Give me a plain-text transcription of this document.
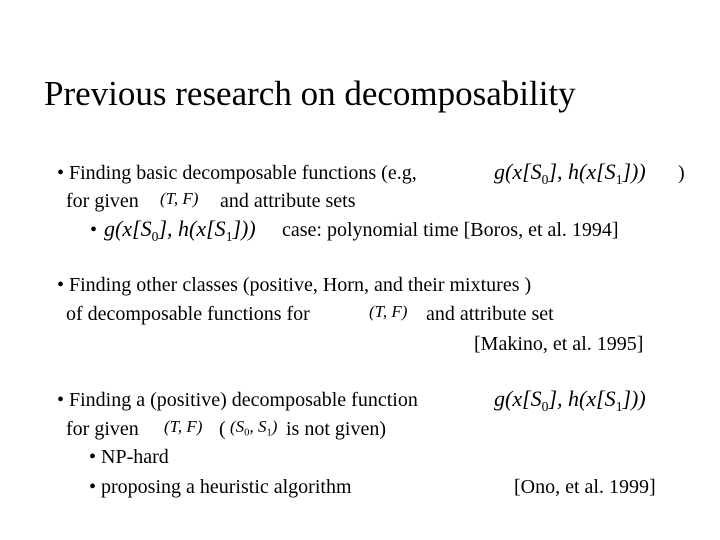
Previous research on decomposability
• Finding basic decomposable functions (e.g,	$g(x[S_0]$, $h(x[S_1])$) )
for given (T, F) and attribute sets
• $g(x[S_0]$, $h(x[S_1])$) case: polynomial time [Boros, et al. 1994]
• Finding other classes (positive, Horn, and their mixtures )
of decomposable functions for	(T, F) and attribute set
[Makino, et al. 1995]
• Finding a (positive) decomposable function	$g(x[S_0]$, $h(x[S_1])$)
for given (T, F) ( ($S_0$, $S_1$) is not given)
• NP-hard
• proposing a heuristic algorithm	[Ono, et al. 1999]
